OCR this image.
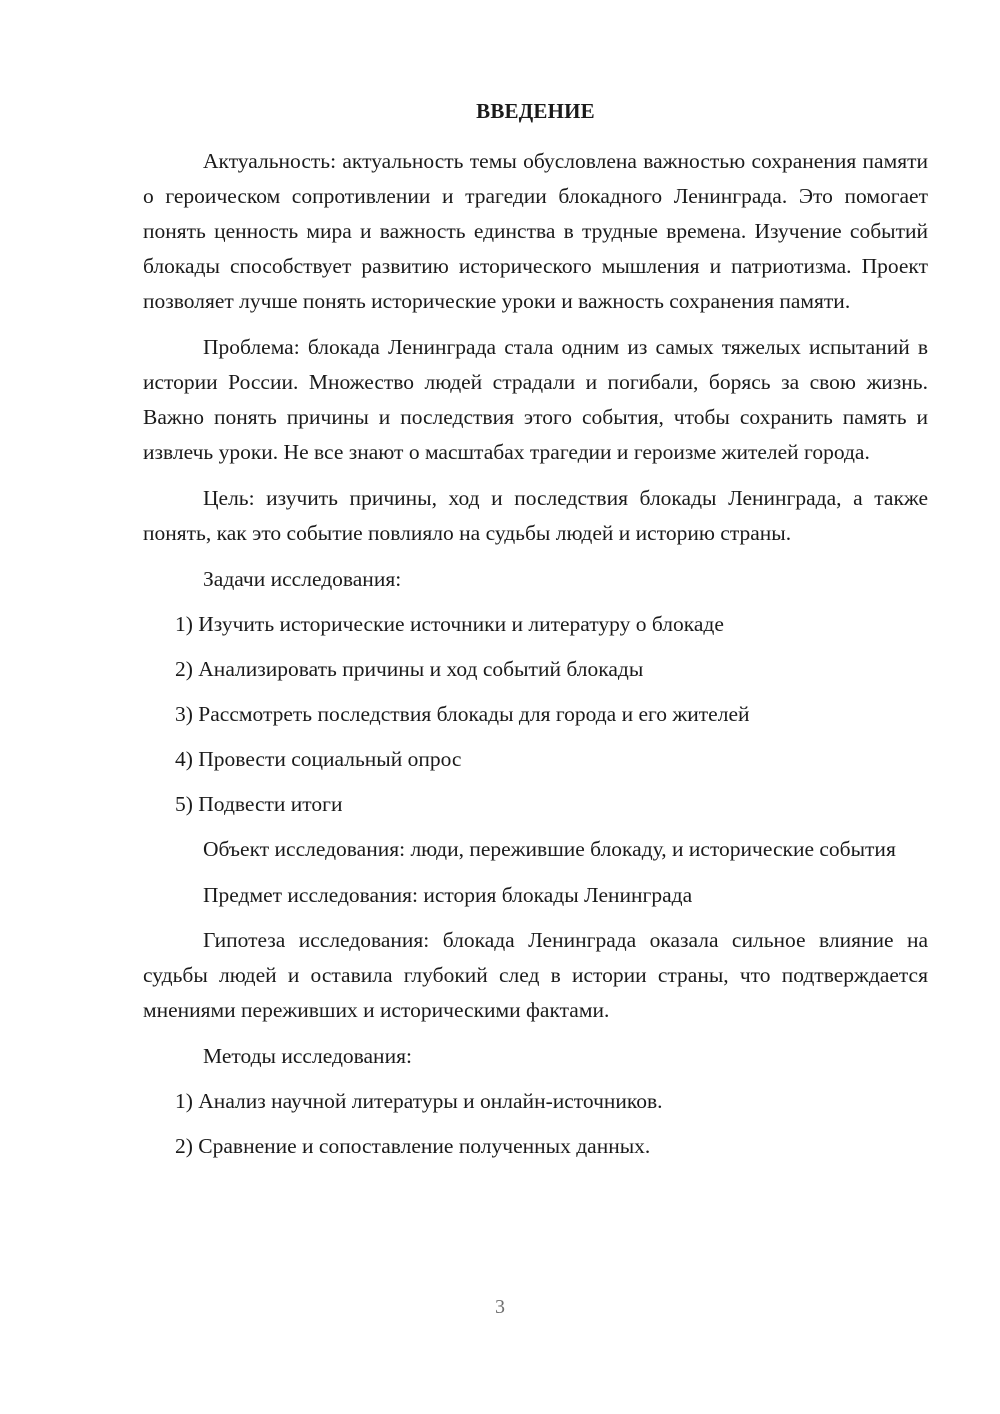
ВВЕДЕНИЕ

Актуальность: актуальность темы обусловлена важностью сохранения памяти о героическом сопротивлении и трагедии блокадного Ленинграда. Это помогает понять ценность мира и важность единства в трудные времена. Изучение событий блокады способствует развитию исторического мышления и патриотизма. Проект позволяет лучше понять исторические уроки и важность сохранения памяти.

Проблема: блокада Ленинграда стала одним из самых тяжелых испытаний в истории России. Множество людей страдали и погибали, борясь за свою жизнь. Важно понять причины и последствия этого события, чтобы сохранить память и извлечь уроки. Не все знают о масштабах трагедии и героизме жителей города.

Цель: изучить причины, ход и последствия блокады Ленинграда, а также понять, как это событие повлияло на судьбы людей и историю страны.

Задачи исследования:
1) Изучить исторические источники и литературу о блокаде
2) Анализировать причины и ход событий блокады
3) Рассмотреть последствия блокады для города и его жителей
4) Провести социальный опрос
5) Подвести итоги

Объект исследования: люди, пережившие блокаду, и исторические события

Предмет исследования: история блокады Ленинграда

Гипотеза исследования: блокада Ленинграда оказала сильное влияние на судьбы людей и оставила глубокий след в истории страны, что подтверждается мнениями переживших и историческими фактами.

Методы исследования:
1) Анализ научной литературы и онлайн-источников.
2) Сравнение и сопоставление полученных данных.
3
